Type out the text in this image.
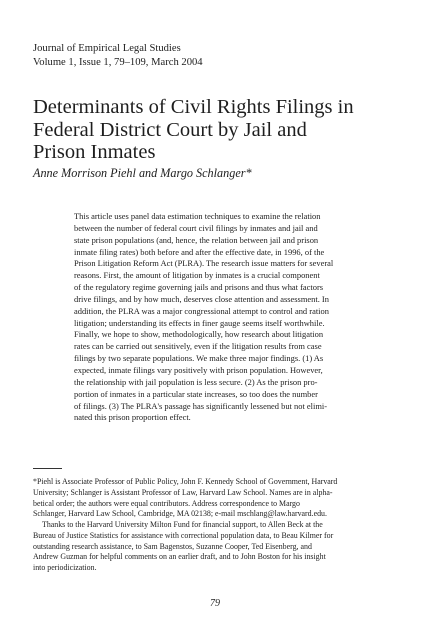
Journal of Empirical Legal Studies
Volume 1, Issue 1, 79–109, March 2004
Determinants of Civil Rights Filings in
Federal District Court by Jail and
Prison Inmates
Anne Morrison Piehl and Margo Schlanger*
This article uses panel data estimation techniques to examine the relation
between the number of federal court civil filings by inmates and jail and
state prison populations (and, hence, the relation between jail and prison
inmate filing rates) both before and after the effective date, in 1996, of the
Prison Litigation Reform Act (PLRA). The research issue matters for several
reasons. First, the amount of litigation by inmates is a crucial component
of the regulatory regime governing jails and prisons and thus what factors
drive filings, and by how much, deserves close attention and assessment. In
addition, the PLRA was a major congressional attempt to control and ration
litigation; understanding its effects in finer gauge seems itself worthwhile.
Finally, we hope to show, methodologically, how research about litigation
rates can be carried out sensitively, even if the litigation results from case
filings by two separate populations. We make three major findings. (1) As
expected, inmate filings vary positively with prison population. However,
the relationship with jail population is less secure. (2) As the prison pro-
portion of inmates in a particular state increases, so too does the number
of filings. (3) The PLRA's passage has significantly lessened but not elimi-
nated this prison proportion effect.
*Piehl is Associate Professor of Public Policy, John F. Kennedy School of Government, Harvard
University; Schlanger is Assistant Professor of Law, Harvard Law School. Names are in alpha-
betical order; the authors were equal contributors. Address correspondence to Margo
Schlanger, Harvard Law School, Cambridge, MA 02138; e-mail mschlang@law.harvard.edu.
Thanks to the Harvard University Milton Fund for financial support, to Allen Beck at the
Bureau of Justice Statistics for assistance with correctional population data, to Beau Kilmer for
outstanding research assistance, to Sam Bagenstos, Suzanne Cooper, Ted Eisenberg, and
Andrew Guzman for helpful comments on an earlier draft, and to John Boston for his insight
into periodicization.
79
